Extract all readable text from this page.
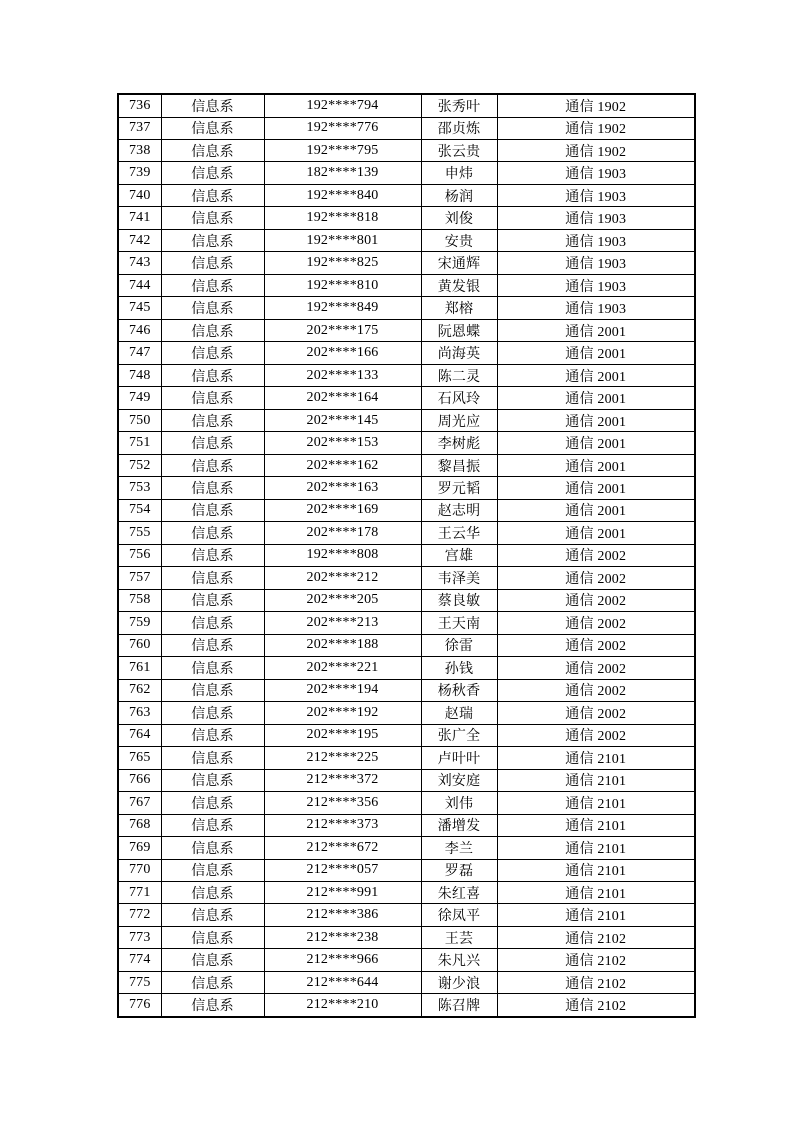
736	信息系	192****794	张秀叶	通信 1902
737	信息系	192****776	邵贞炼	通信 1902
738	信息系	192****795	张云贵	通信 1902
739	信息系	182****139	申炜	通信 1903
740	信息系	192****840	杨润	通信 1903
741	信息系	192****818	刘俊	通信 1903
742	信息系	192****801	安贵	通信 1903
743	信息系	192****825	宋通辉	通信 1903
744	信息系	192****810	黄发银	通信 1903
745	信息系	192****849	郑榕	通信 1903
746	信息系	202****175	阮恩蝶	通信 2001
747	信息系	202****166	尚海英	通信 2001
748	信息系	202****133	陈二灵	通信 2001
749	信息系	202****164	石风玲	通信 2001
750	信息系	202****145	周光应	通信 2001
751	信息系	202****153	李树彪	通信 2001
752	信息系	202****162	黎昌振	通信 2001
753	信息系	202****163	罗元韬	通信 2001
754	信息系	202****169	赵志明	通信 2001
755	信息系	202****178	王云华	通信 2001
756	信息系	192****808	宫雄	通信 2002
757	信息系	202****212	韦泽美	通信 2002
758	信息系	202****205	蔡良敏	通信 2002
759	信息系	202****213	王天南	通信 2002
760	信息系	202****188	徐雷	通信 2002
761	信息系	202****221	孙钱	通信 2002
762	信息系	202****194	杨秋香	通信 2002
763	信息系	202****192	赵瑞	通信 2002
764	信息系	202****195	张广全	通信 2002
765	信息系	212****225	卢叶叶	通信 2101
766	信息系	212****372	刘安庭	通信 2101
767	信息系	212****356	刘伟	通信 2101
768	信息系	212****373	潘增发	通信 2101
769	信息系	212****672	李兰	通信 2101
770	信息系	212****057	罗磊	通信 2101
771	信息系	212****991	朱红喜	通信 2101
772	信息系	212****386	徐凤平	通信 2101
773	信息系	212****238	王芸	通信 2102
774	信息系	212****966	朱凡兴	通信 2102
775	信息系	212****644	谢少浪	通信 2102
776	信息系	212****210	陈召牌	通信 2102
